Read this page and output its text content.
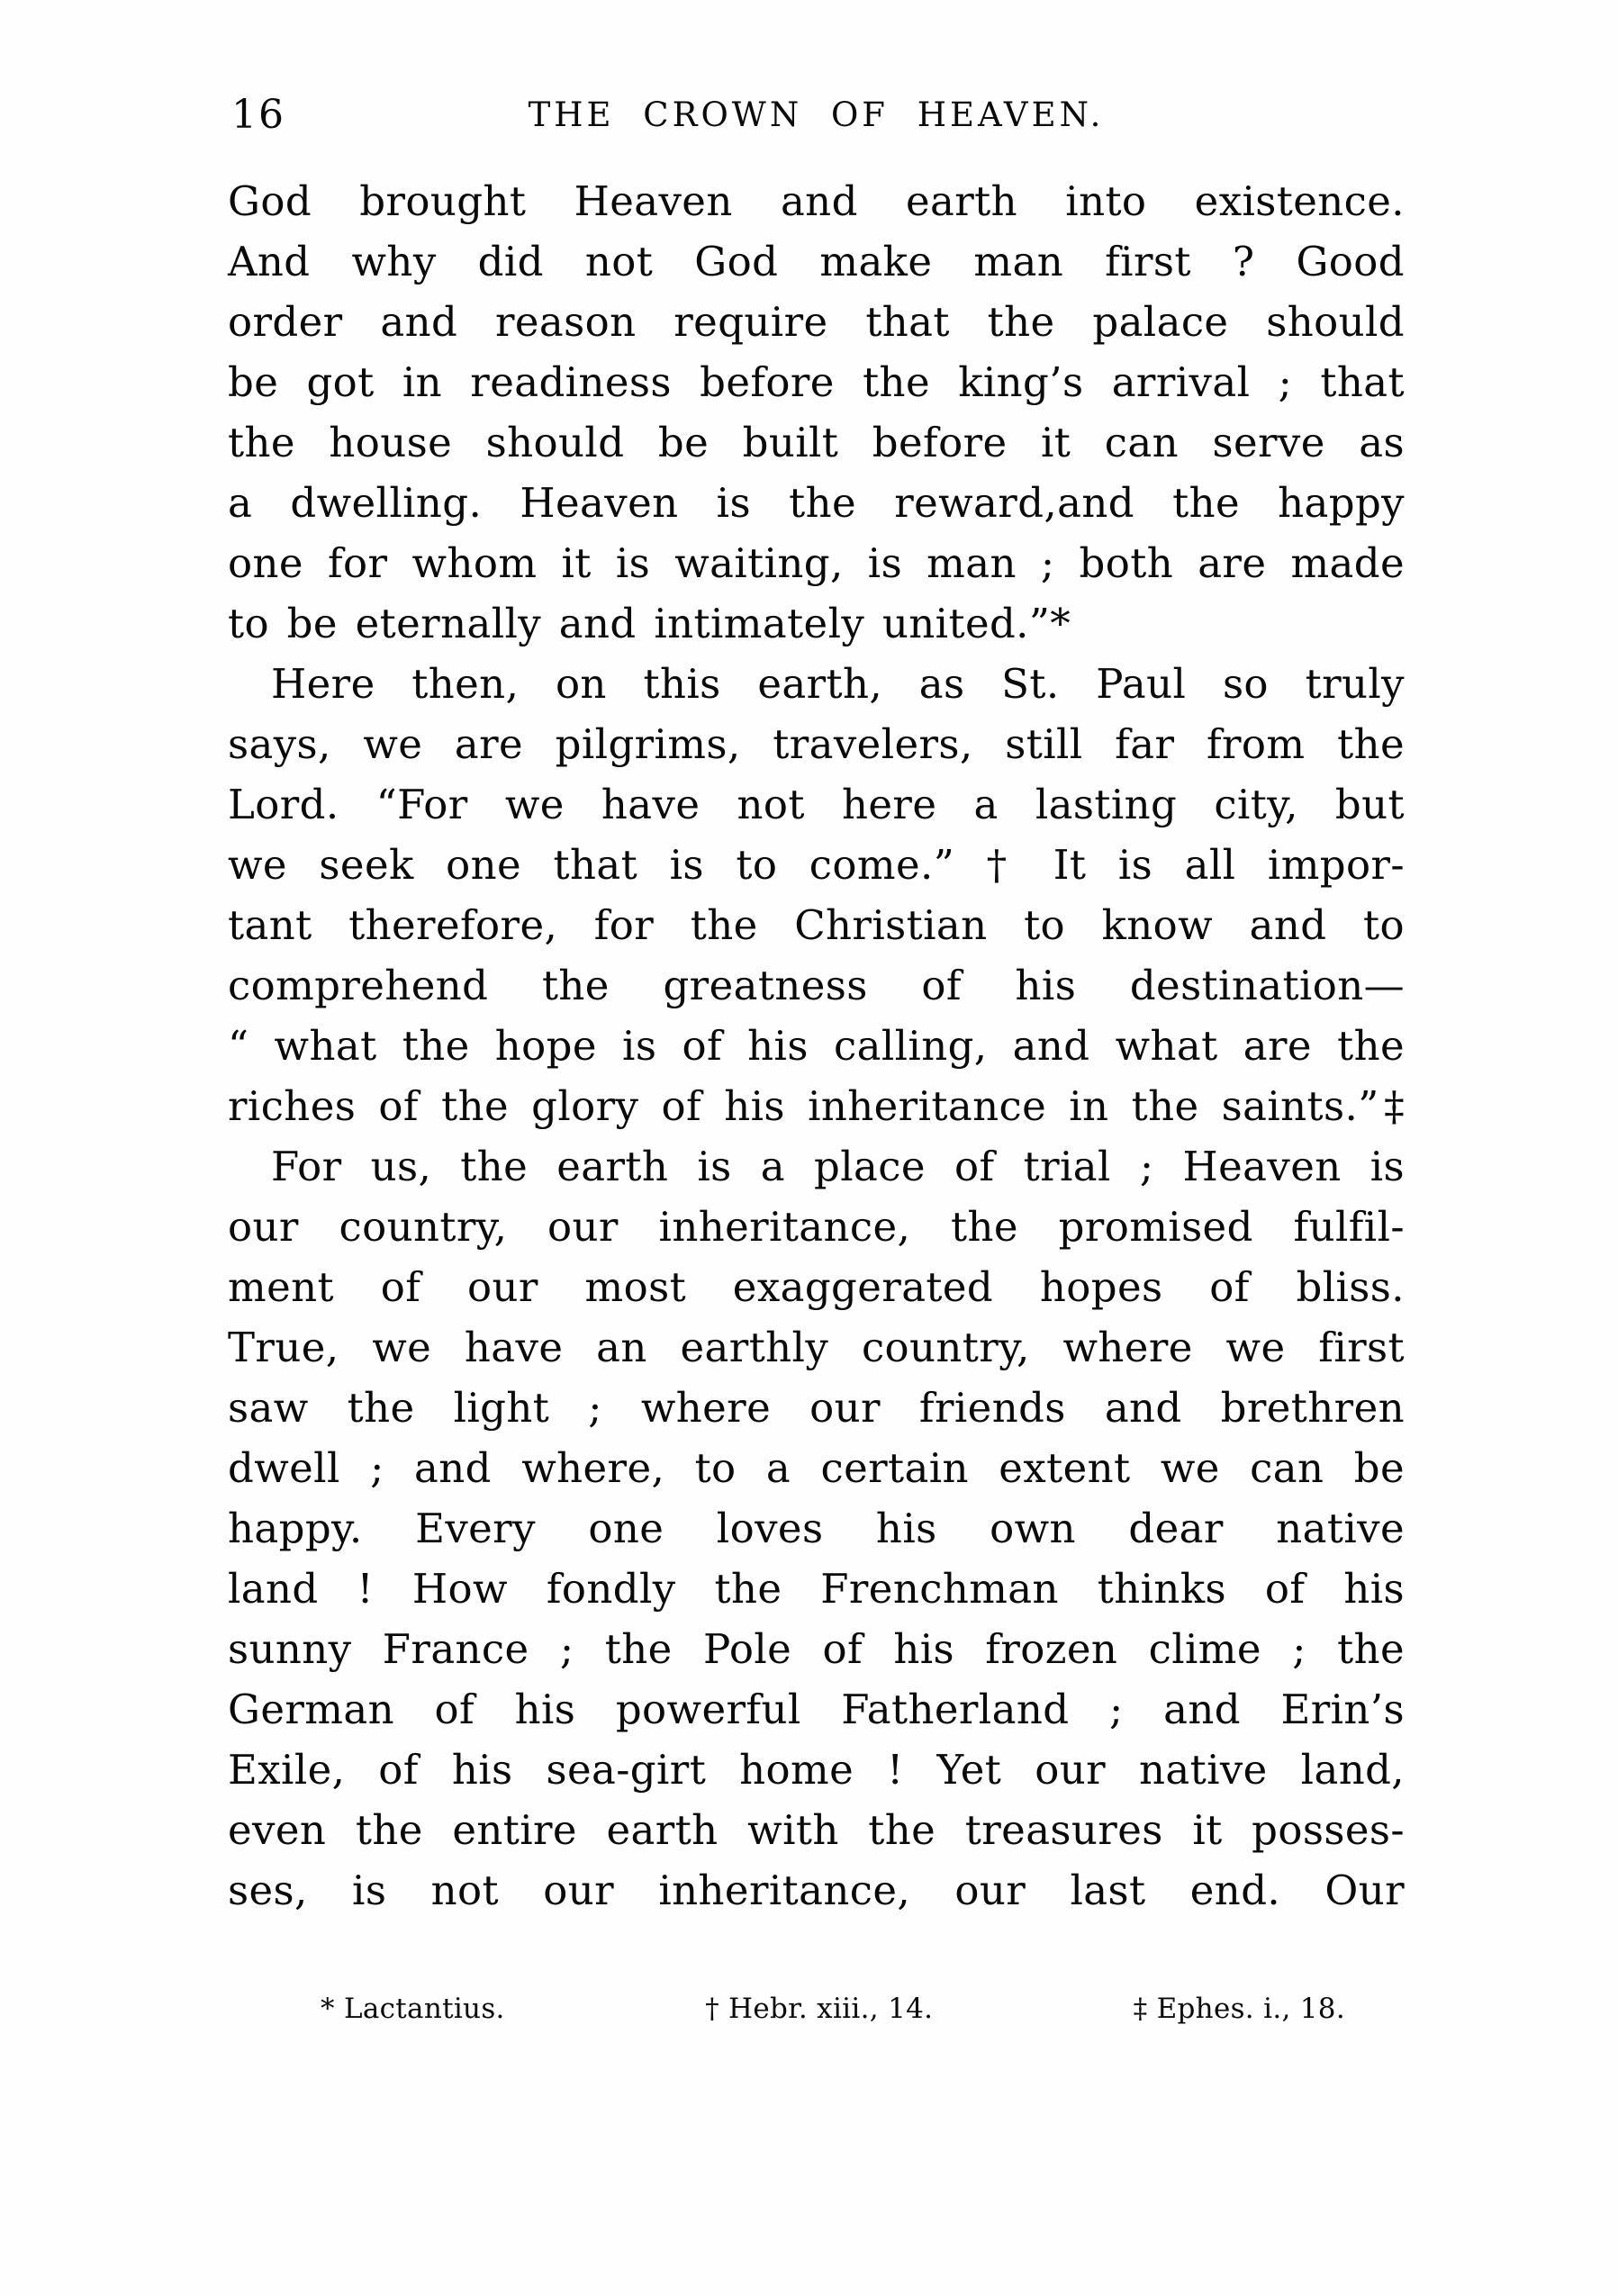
16	THE CROWN OF HEAVEN.
God brought Heaven and earth into existence.
And why did not God make man first ? Good
order and reason require that the palace should
be got in readiness before the king’s arrival ; that
the house should be built before it can serve as
a dwelling. Heaven is the reward,and the happy
one for whom it is waiting, is man ; both are made
to be eternally and intimately united.”*
Here then, on this earth, as St. Paul so truly
says, we are pilgrims, travelers, still far from the
Lord. “For we have not here a lasting city, but
we seek one that is to come.” † It is all impor-
tant therefore, for the Christian to know and to
comprehend the greatness of his destination—
“ what the hope is of his calling, and what are the
riches of the glory of his inheritance in the saints.”‡
For us, the earth is a place of trial ; Heaven is
our country, our inheritance, the promised fulfil-
ment of our most exaggerated hopes of bliss.
True, we have an earthly country, where we first
saw the light ; where our friends and brethren
dwell ; and where, to a certain extent we can be
happy. Every one loves his own dear native
land ! How fondly the Frenchman thinks of his
sunny France ; the Pole of his frozen clime ; the
German of his powerful Fatherland ; and Erin’s
Exile, of his sea-girt home ! Yet our native land,
even the entire earth with the treasures it posses-
ses, is not our inheritance, our last end. Our
* Lactantius.	† Hebr. xiii., 14.	‡ Ephes. i., 18.
